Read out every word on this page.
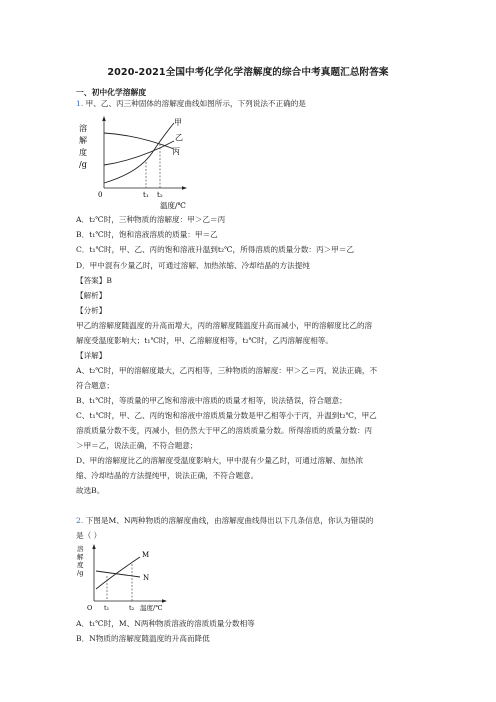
2020-2021全国中考化学化学溶解度的综合中考真题汇总附答案
一、初中化学溶解度
1. 甲、乙、丙三种固体的溶解度曲线如图所示，下列说法不正确的是
溶
解
度
/g
甲
乙
丙
0	t₁ t₂
温度/℃
A．t₂℃时，三种物质的溶解度：甲＞乙＝丙
B．t₁℃时，饱和溶液溶质的质量：甲＝乙
C．t₁℃时，甲、乙、丙的饱和溶液升温到t₂℃，所得溶质的质量分数：丙＞甲＝乙
D．甲中混有少量乙时，可通过溶解、加热浓缩、冷却结晶的方法提纯
【答案】B
【解析】
【分析】
甲乙的溶解度随温度的升高而增大，丙的溶解度随温度升高而减小，甲的溶解度比乙的溶
解度受温度影响大；t₁℃时，甲、乙溶解度相等，t₂℃时，乙丙溶解度相等。
【详解】
A、t₂℃时，甲的溶解度最大，乙丙相等，三种物质的溶解度：甲＞乙＝丙，说法正确，不
符合题意；
B、t₁℃时，等质量的甲乙饱和溶液中溶质的质量才相等，说法错误，符合题意；
C、t₁℃时，甲、乙、丙的饱和溶液中溶质质量分数是甲乙相等小于丙，升温到t₂℃，甲乙
溶质质量分数不变，丙减小，但仍然大于甲乙的溶质质量分数。所得溶质的质量分数：丙
＞甲＝乙，说法正确，不符合题意；
D、甲的溶解度比乙的溶解度受温度影响大，甲中混有少量乙时，可通过溶解、加热浓
缩、冷却结晶的方法提纯甲，说法正确，不符合题意。
故选B。
2. 下图是M、N两种物质的溶解度曲线，由溶解度曲线得出以下几条信息，你认为错误的
是（ ）
溶
解
度
/g
M
N
O t₁	t₂ 温度/℃
A．t₁℃时，M、N两种物质溶液的溶质质量分数相等
B．N物质的溶解度随温度的升高而降低
